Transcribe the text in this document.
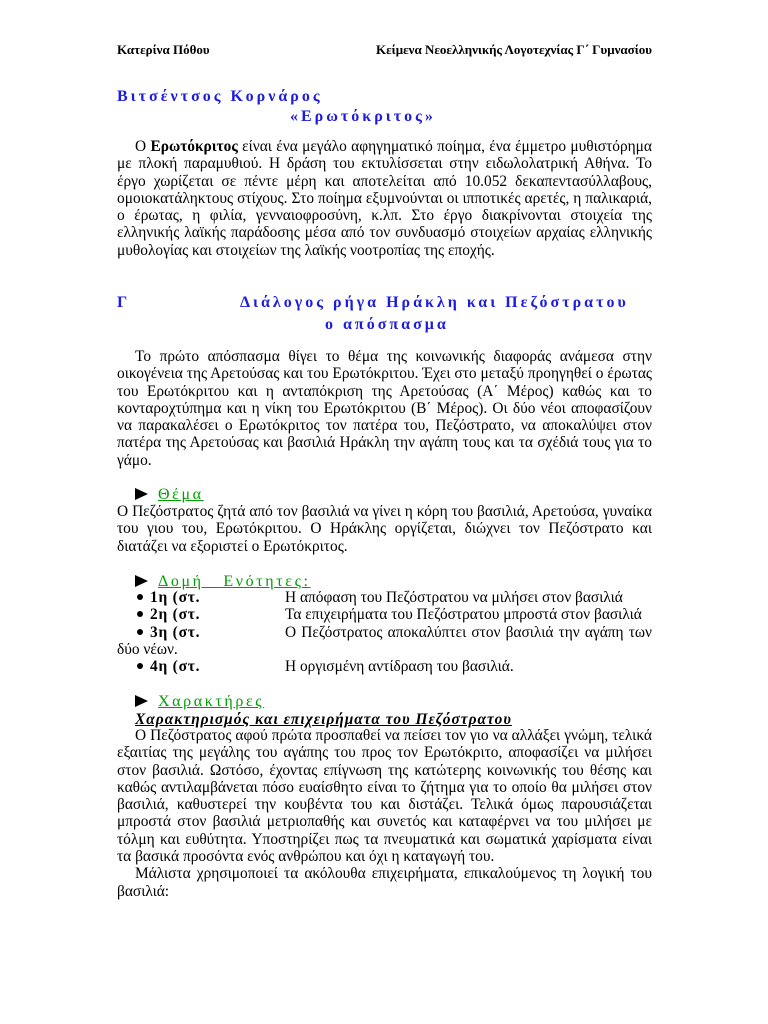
Κατερίνα Πόθου	Κείμενα Νεοελληνικής Λογοτεχνίας Γ΄ Γυμνασίου
Βιτσέντσος Κορνάρος
«Ερωτόκριτος»

Ο Ερωτόκριτος είναι ένα μεγάλο αφηγηματικό ποίημα, ένα έμμετρο μυθιστόρημα με πλοκή παραμυθιού. Η δράση του εκτυλίσσεται στην ειδωλολατρική Αθήνα. Το έργο χωρίζεται σε πέντε μέρη και αποτελείται από 10.052 δεκαπεντασύλλαβους, ομοιοκατάληκτους στίχους. Στο ποίημα εξυμνούνται οι ιπποτικές αρετές, η παλικαριά, ο έρωτας, η φιλία, γενναιοφροσύνη, κ.λπ. Στο έργο διακρίνονται στοιχεία της ελληνικής λαϊκής παράδοσης μέσα από τον συνδυασμό στοιχείων αρχαίας ελληνικής μυθολογίας και στοιχείων της λαϊκής νοοτροπίας της εποχής.

Γ	Διάλογος ρήγα Ηράκλη και Πεζόστρατου
ο απόσπασμα

Το πρώτο απόσπασμα θίγει το θέμα της κοινωνικής διαφοράς ανάμεσα στην οικογένεια της Αρετούσας και του Ερωτόκριτου. Έχει στο μεταξύ προηγηθεί ο έρωτας του Ερωτόκριτου και η ανταπόκριση της Αρετούσας (Α΄ Μέρος) καθώς και το κονταροχτύπημα και η νίκη του Ερωτόκριτου (Β΄ Μέρος). Οι δύο νέοι αποφασίζουν να παρακαλέσει ο Ερωτόκριτος τον πατέρα του, Πεζόστρατο, να αποκαλύψει στον πατέρα της Αρετούσας και βασιλιά Ηράκλη την αγάπη τους και τα σχέδιά τους για το γάμο.

Θέμα

Ο Πεζόστρατος ζητά από τον βασιλιά να γίνει η κόρη του βασιλιά, Αρετούσα, γυναίκα του γιου του, Ερωτόκριτου. Ο Ηράκλης οργίζεται, διώχνει τον Πεζόστρατο και διατάζει να εξοριστεί ο Ερωτόκριτος.

Δομή   Ενότητες:
1η (στ.	Η απόφαση του Πεζόστρατου να μιλήσει στον βασιλιά
2η (στ.	Τα επιχειρήματα του Πεζόστρατου μπροστά στον βασιλιά
3η (στ.	Ο Πεζόστρατος αποκαλύπτει στον βασιλιά την αγάπη των δύο νέων.
4η (στ.	Η οργισμένη αντίδραση του βασιλιά.
Χαρακτήρες
Χαρακτηρισμός και επιχειρήματα του Πεζόστρατου

Ο Πεζόστρατος αφού πρώτα προσπαθεί να πείσει τον γιο να αλλάξει γνώμη, τελικά εξαιτίας της μεγάλης του αγάπης του προς τον Ερωτόκριτο, αποφασίζει να μιλήσει στον βασιλιά. Ωστόσο, έχοντας επίγνωση της κατώτερης κοινωνικής του θέσης και καθώς αντιλαμβάνεται πόσο ευαίσθητο είναι το ζήτημα για το οποίο θα μιλήσει στον βασιλιά, καθυστερεί την κουβέντα του και διστάζει. Τελικά όμως παρουσιάζεται μπροστά στον βασιλιά μετριοπαθής και συνετός και καταφέρνει να του μιλήσει με τόλμη και ευθύτητα. Υποστηρίζει πως τα πνευματικά και σωματικά χαρίσματα είναι τα βασικά προσόντα ενός ανθρώπου και όχι η καταγωγή του.

Μάλιστα χρησιμοποιεί τα ακόλουθα επιχειρήματα, επικαλούμενος τη λογική του βασιλιά:
